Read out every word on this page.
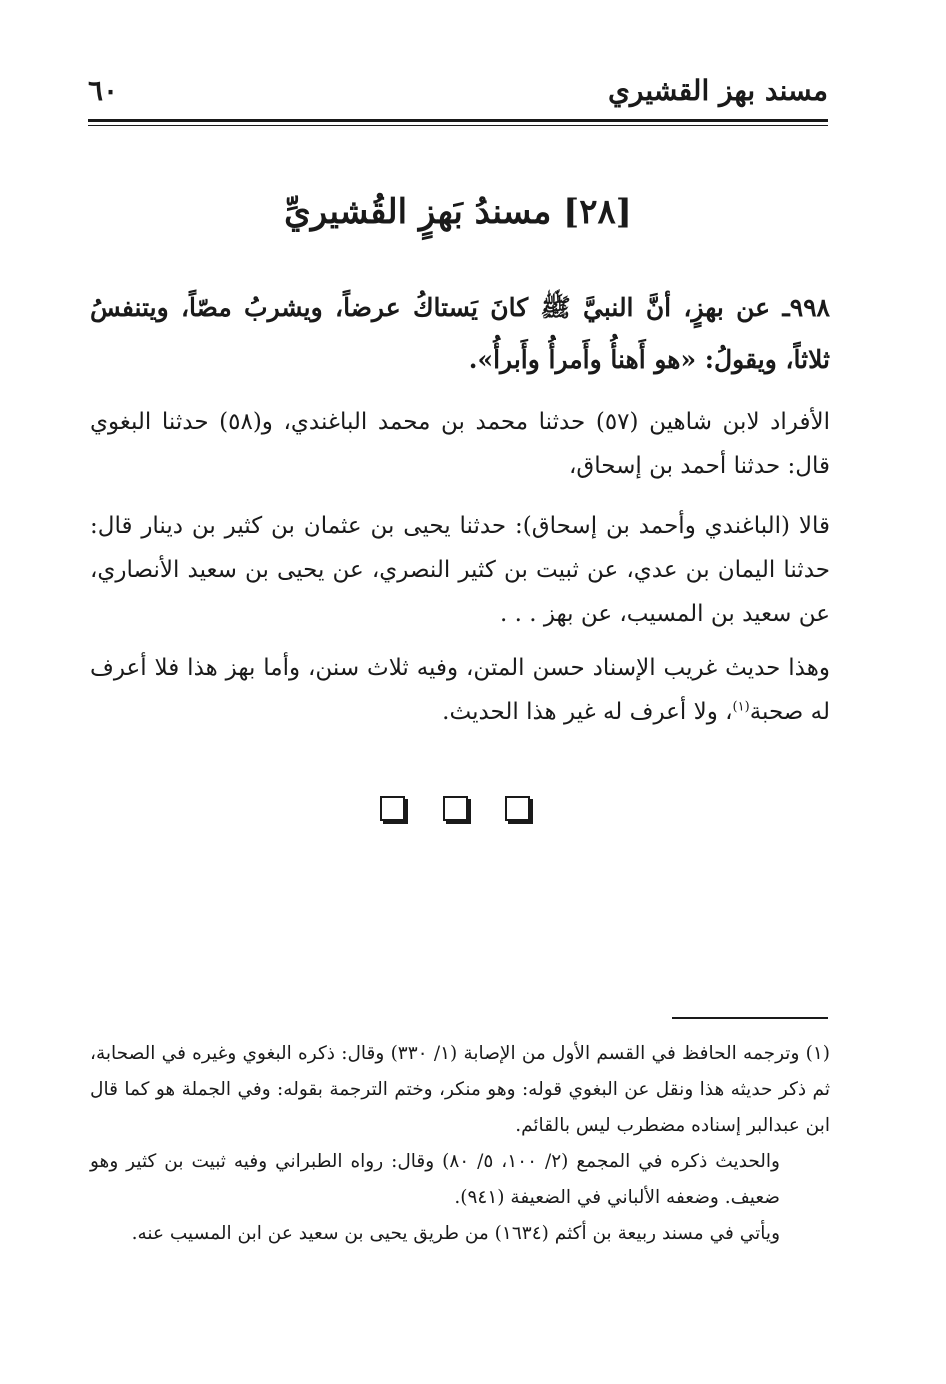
مسند بهز القشيري
٦٠
[٢٨] مسندُ بَهزٍ القُشيريِّ

٩٩٨ـ عن بهزٍ، أنَّ النبيَّ ﷺ كانَ يَستاكُ عرضاً، ويشربُ مصّاً، ويتنفسُ ثلاثاً، ويقولُ: «هو أَهنأُ وأَمرأُ وأَبرأُ».

الأفراد لابن شاهين (٥٧) حدثنا محمد بن محمد الباغندي، و(٥٨) حدثنا البغوي قال: حدثنا أحمد بن إسحاق،

قالا (الباغندي وأحمد بن إسحاق): حدثنا يحيى بن عثمان بن كثير بن دينار قال: حدثنا اليمان بن عدي، عن ثبيت بن كثير النصري، عن يحيى بن سعيد الأنصاري، عن سعيد بن المسيب، عن بهز . . .

وهذا حديث غريب الإسناد حسن المتن، وفيه ثلاث سنن، وأما بهز هذا فلا أعرف له صحبة$^{(١)}$، ولا أعرف له غير هذا الحديث.

(١) وترجمه الحافظ في القسم الأول من الإصابة (١/ ٣٣٠) وقال: ذكره البغوي وغيره في الصحابة، ثم ذكر حديثه هذا ونقل عن البغوي قوله: وهو منكر، وختم الترجمة بقوله: وفي الجملة هو كما قال ابن عبدالبر إسناده مضطرب ليس بالقائم.

والحديث ذكره في المجمع (٢/ ١٠٠، ٥/ ٨٠) وقال: رواه الطبراني وفيه ثبيت بن كثير وهو ضعيف. وضعفه الألباني في الضعيفة (٩٤١).

ويأتي في مسند ربيعة بن أكثم (١٦٣٤) من طريق يحيى بن سعيد عن ابن المسيب عنه.
